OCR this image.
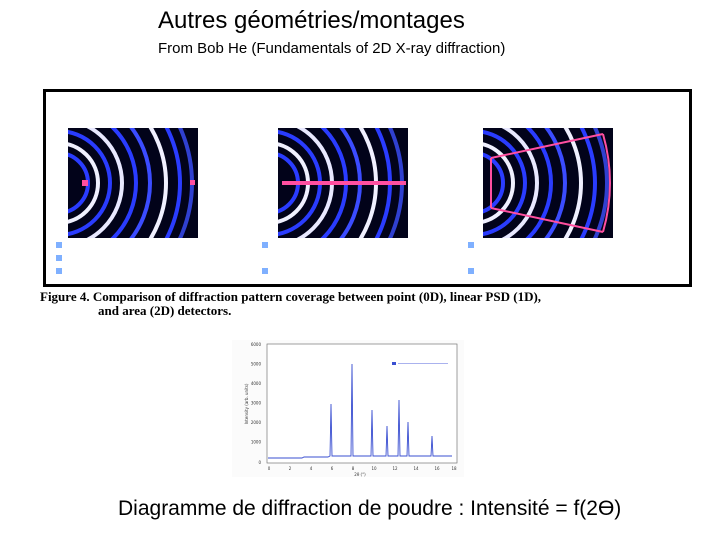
Autres géométries/montages
From Bob He (Fundamentals of 2D X-ray diffraction)
scintillation
detector
small spot measured
scan necessary
long measuring time
PSD
large 2θ range measured
simultaneously
medium measuring time
2D detector
large 2θ and χ range
measured simultaneously
very short measuring times
Figure 4. Comparison of diffraction pattern coverage between point (0D), linear PSD (1D),
and area (2D) detectors.
6000
5000
4000
3000
2000
1000
0
0	2	4	6	8	10	12	14	16	18
2θ (°)
Intensity (arb. units)
Diagramme de diffraction de poudre : Intensité = f(2ϴ)
